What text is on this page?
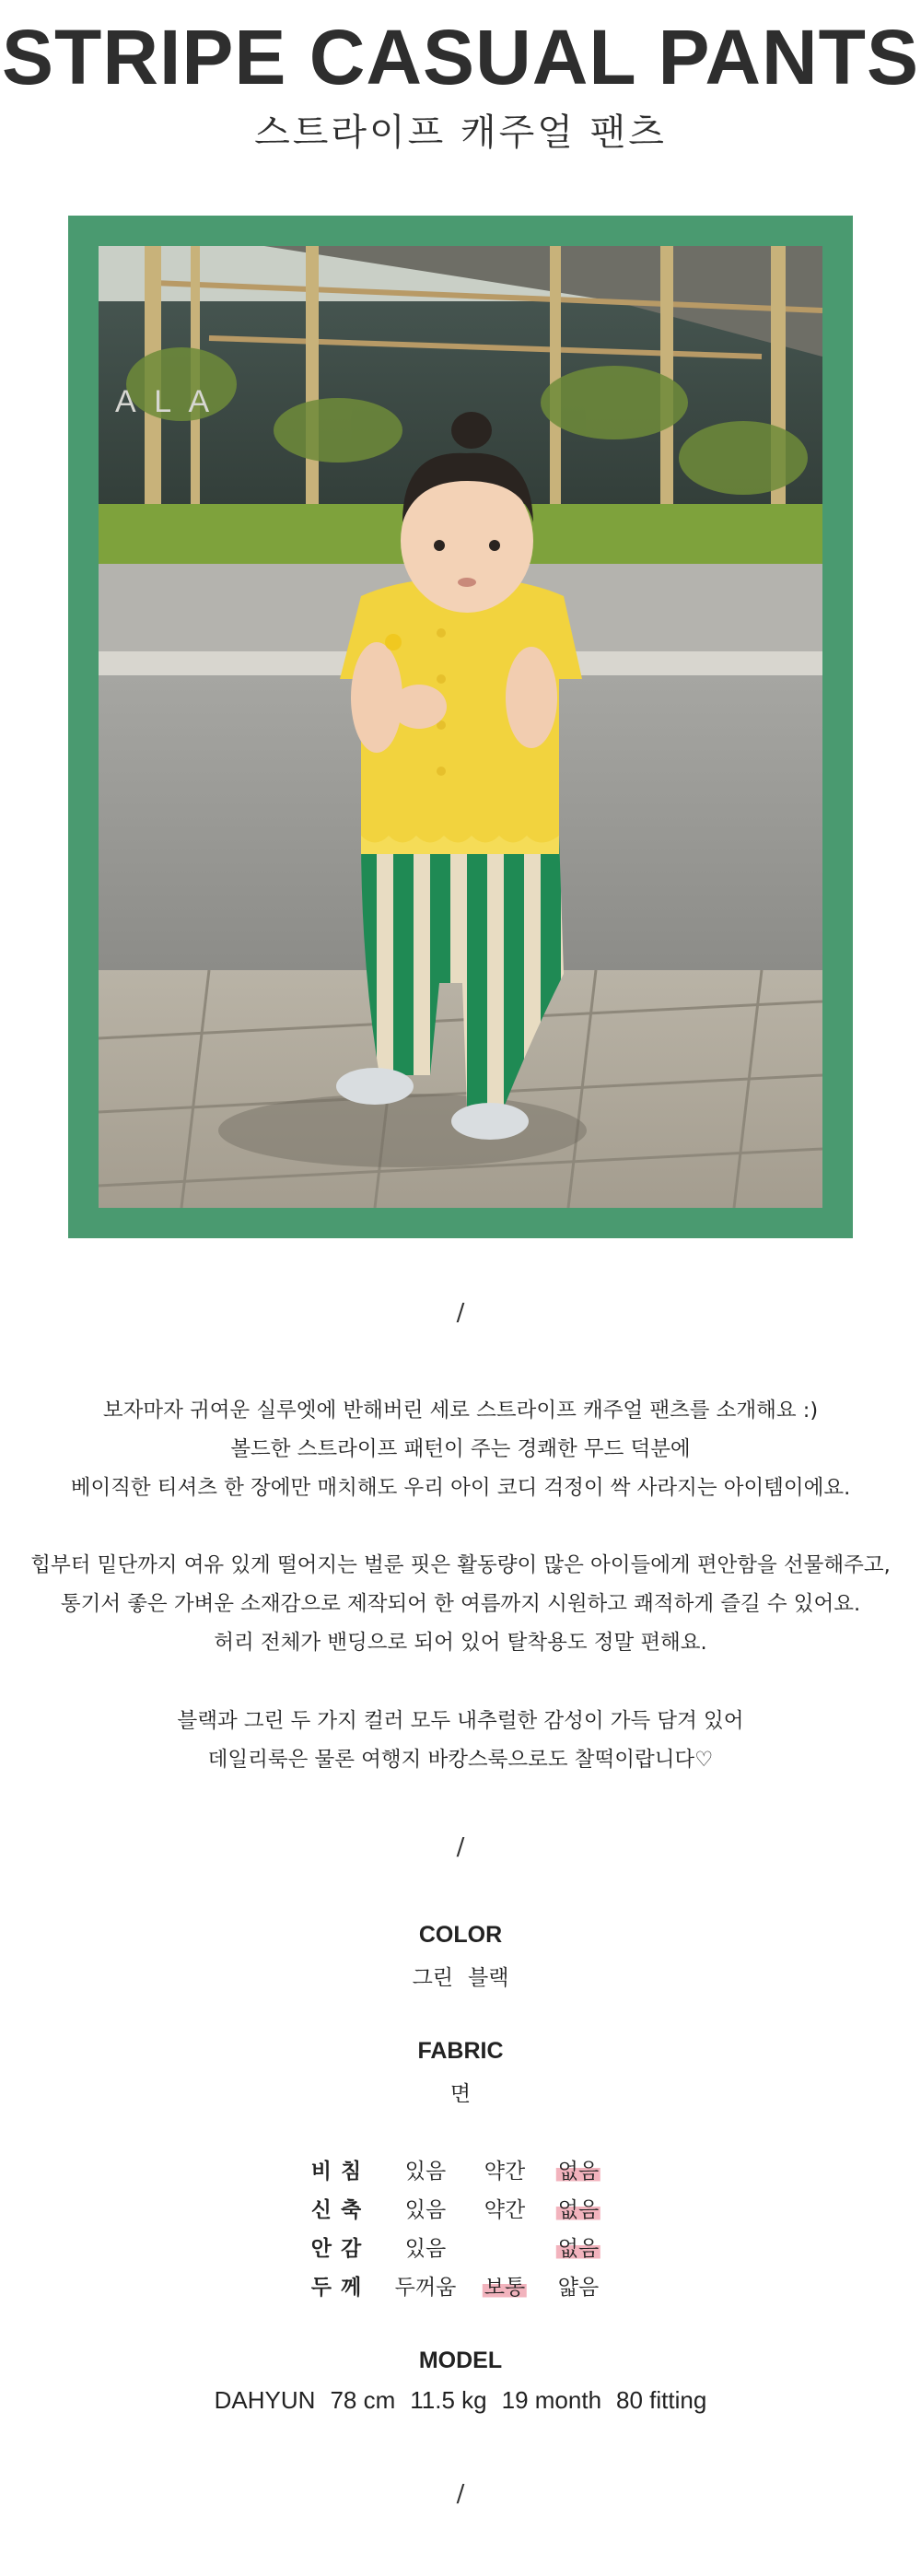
STRIPE CASUAL PANTS
스트라이프 캐주얼 팬츠
A L A
/
보자마자 귀여운 실루엣에 반해버린 세로 스트라이프 캐주얼 팬츠를 소개해요 :)
볼드한 스트라이프 패턴이 주는 경쾌한 무드 덕분에
베이직한 티셔츠 한 장에만 매치해도 우리 아이 코디 걱정이 싹 사라지는 아이템이에요.
힙부터 밑단까지 여유 있게 떨어지는 벌룬 핏은 활동량이 많은 아이들에게 편안함을 선물해주고,
통기서 좋은 가벼운 소재감으로 제작되어 한 여름까지 시원하고 쾌적하게 즐길 수 있어요.
허리 전체가 밴딩으로 되어 있어 탈착용도 정말 편해요.
블랙과 그린 두 가지 컬러 모두 내추럴한 감성이 가득 담겨 있어
데일리룩은 물론 여행지 바캉스룩으로도 찰떡이랍니다♡
/
COLOR
그린 블랙
FABRIC
면
비침 있음 약간 없음
신축 있음 약간 없음
안감 있음	없음
두께 두꺼움 보통 얇음
MODEL
DAHYUN 78 cm 11.5 kg 19 month 80 fitting
/
